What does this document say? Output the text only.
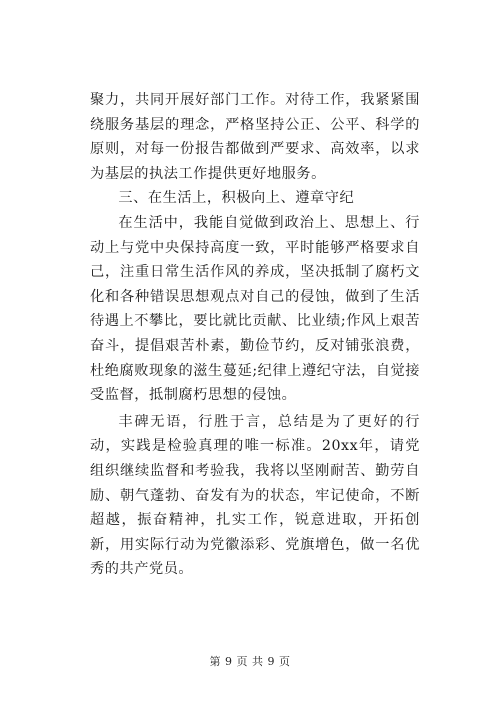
聚力，共同开展好部门工作。对待工作，我紧紧围绕服务基层的理念，严格坚持公正、公平、科学的原则，对每一份报告都做到严要求、高效率，以求为基层的执法工作提供更好地服务。

三、在生活上，积极向上、遵章守纪

在生活中，我能自觉做到政治上、思想上、行动上与党中央保持高度一致，平时能够严格要求自己，注重日常生活作风的养成，坚决抵制了腐朽文化和各种错误思想观点对自己的侵蚀，做到了生活待遇上不攀比，要比就比贡献、比业绩;作风上艰苦奋斗，提倡艰苦朴素，勤俭节约，反对铺张浪费，杜绝腐败现象的滋生蔓延;纪律上遵纪守法，自觉接受监督，抵制腐朽思想的侵蚀。

丰碑无语，行胜于言，总结是为了更好的行动，实践是检验真理的唯一标准。20xx年，请党组织继续监督和考验我，我将以坚刚耐苦、勤劳自励、朝气蓬勃、奋发有为的状态，牢记使命，不断超越，振奋精神，扎实工作，锐意进取，开拓创新，用实际行动为党徽添彩、党旗增色，做一名优秀的共产党员。

第 9 页 共 9 页
